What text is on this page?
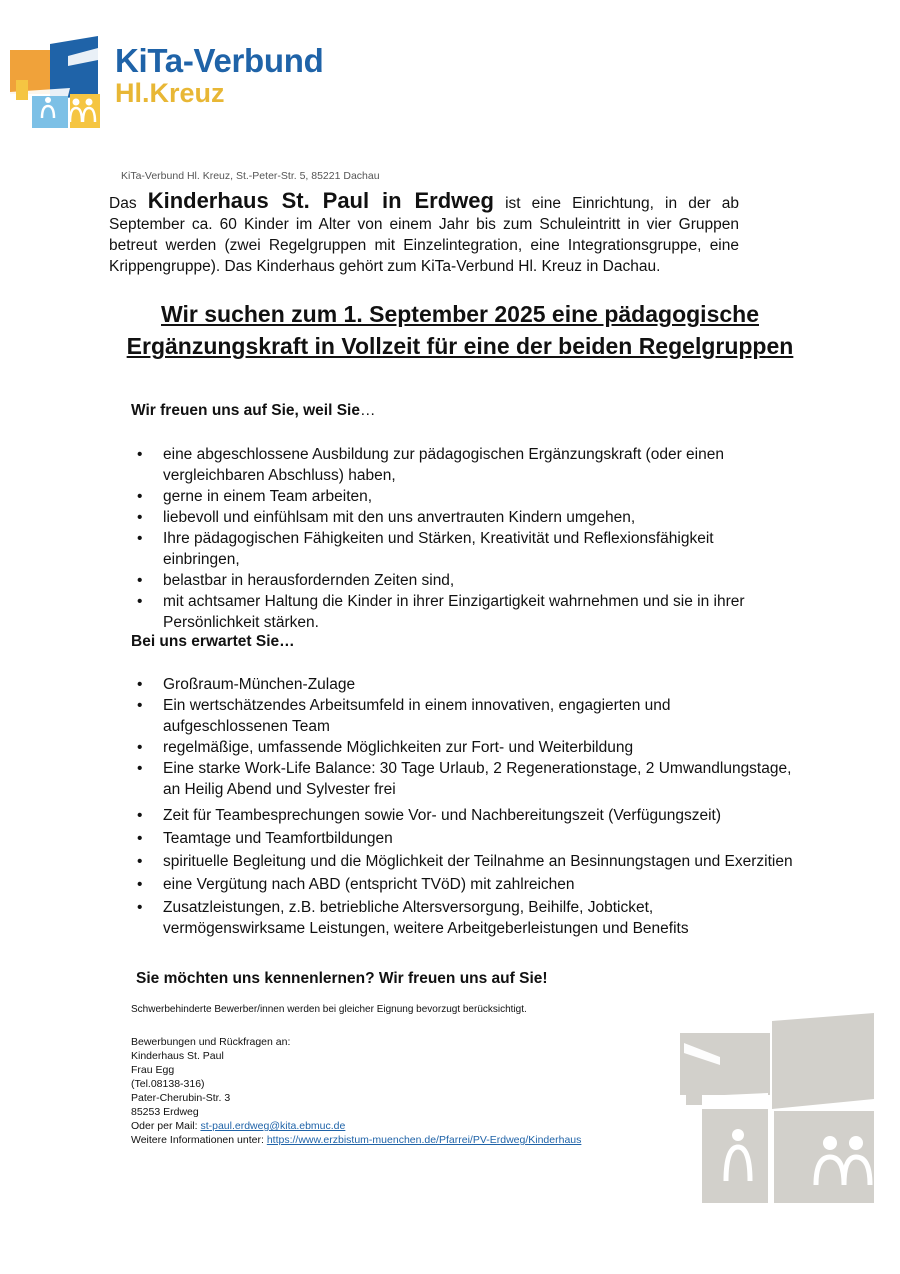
KiTa-Verbund
Hl.Kreuz
KiTa-Verbund Hl. Kreuz, St.-Peter-Str. 5, 85221 Dachau
Das Kinderhaus St. Paul in Erdweg ist eine Einrichtung, in der ab September ca. 60 Kinder im Alter von einem Jahr bis zum Schuleintritt in vier Gruppen betreut werden (zwei Regelgruppen mit Einzelintegration, eine Integrationsgruppe, eine Krippengruppe). Das Kinderhaus gehört zum KiTa-Verbund Hl. Kreuz in Dachau.
Wir suchen zum 1. September 2025 eine pädagogische
Ergänzungskraft in Vollzeit für eine der beiden Regelgruppen
Wir freuen uns auf Sie, weil Sie…
• eine abgeschlossene Ausbildung zur pädagogischen Ergänzungskraft (oder einen vergleichbaren Abschluss) haben,
• gerne in einem Team arbeiten,
• liebevoll und einfühlsam mit den uns anvertrauten Kindern umgehen,
• Ihre pädagogischen Fähigkeiten und Stärken, Kreativität und Reflexionsfähigkeit einbringen,
• belastbar in herausfordernden Zeiten sind,
• mit achtsamer Haltung die Kinder in ihrer Einzigartigkeit wahrnehmen und sie in ihrer Persönlichkeit stärken.
Bei uns erwartet Sie…
• Großraum-München-Zulage
• Ein wertschätzendes Arbeitsumfeld in einem innovativen, engagierten und aufgeschlossenen Team
• regelmäßige, umfassende Möglichkeiten zur Fort- und Weiterbildung
• Eine starke Work-Life Balance: 30 Tage Urlaub, 2 Regenerationstage, 2 Umwandlungstage, an Heilig Abend und Sylvester frei
• Zeit für Teambesprechungen sowie Vor- und Nachbereitungszeit (Verfügungszeit)
• Teamtage und Teamfortbildungen
• spirituelle Begleitung und die Möglichkeit der Teilnahme an Besinnungstagen und Exerzitien
• eine Vergütung nach ABD (entspricht TVöD) mit zahlreichen
• Zusatzleistungen, z.B. betriebliche Altersversorgung, Beihilfe, Jobticket, vermögenswirksame Leistungen, weitere Arbeitgeberleistungen und Benefits
Sie möchten uns kennenlernen? Wir freuen uns auf Sie!
Schwerbehinderte Bewerber/innen werden bei gleicher Eignung bevorzugt berücksichtigt.
Bewerbungen und Rückfragen an:
Kinderhaus St. Paul
Frau Egg
(Tel.08138-316)
Pater-Cherubin-Str. 3
85253 Erdweg
Oder per Mail: st-paul.erdweg@kita.ebmuc.de
Weitere Informationen unter: https://www.erzbistum-muenchen.de/Pfarrei/PV-Erdweg/Kinderhaus
